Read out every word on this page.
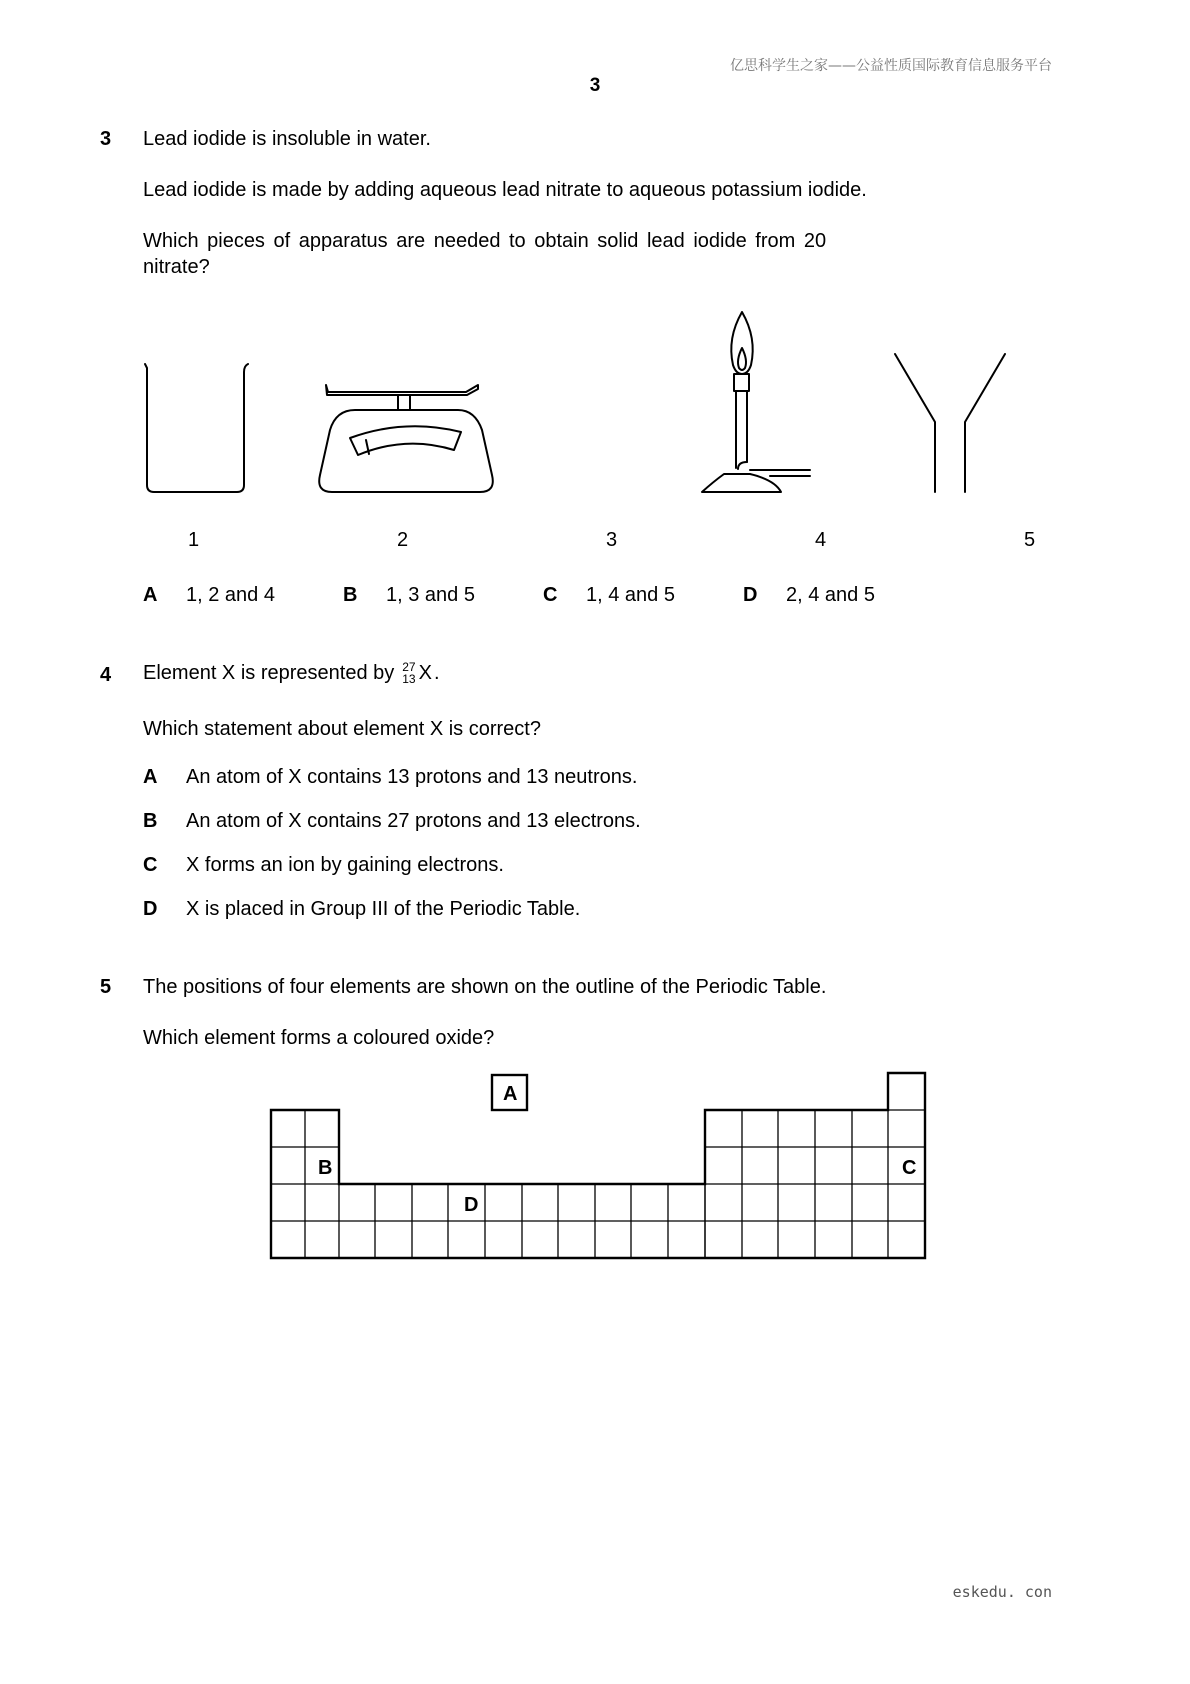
亿思科学生之家——公益性质国际教育信息服务平台
3
3 Lead iodide is insoluble in water.
Lead iodide is made by adding aqueous lead nitrate to aqueous potassium iodide.
Which pieces of apparatus are needed to obtain solid lead iodide from 20
nitrate?
1	2	3	4	5
A 1, 2 and 4	B 1, 3 and 5	C 1, 4 and 5	D 2, 4 and 5
4 Element X is represented by 27
13 X .
Which statement about element X is correct?
A An atom of X contains 13 protons and 13 neutrons.
B An atom of X contains 27 protons and 13 electrons.
C X forms an ion by gaining electrons.
D X is placed in Group III of the Periodic Table.
5 The positions of four elements are shown on the outline of the Periodic Table.
Which element forms a coloured oxide?
A
B	C
D
eskedu. con
